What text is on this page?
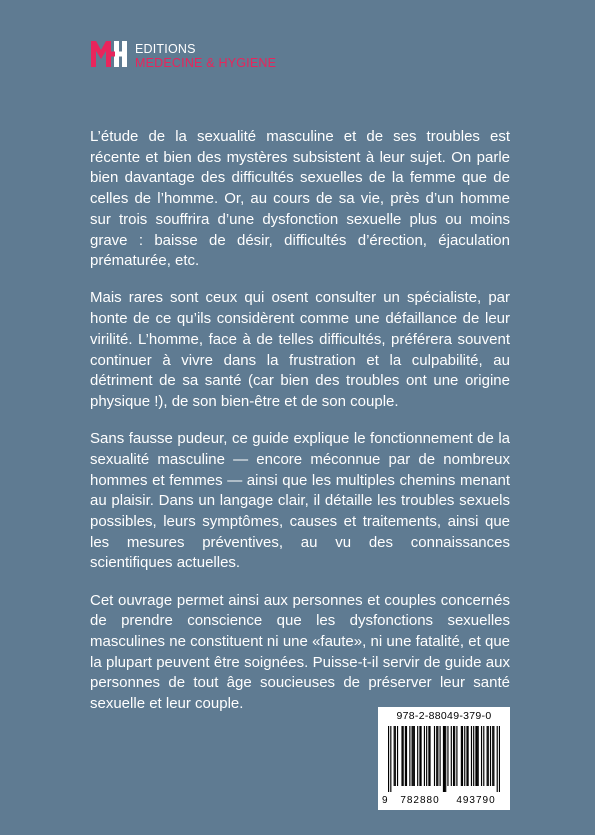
EDITIONS
MEDECINE & HYGIENE

L’étude de la sexualité masculine et de ses troubles est récente et bien des mystères subsistent à leur sujet. On parle bien davantage des difficultés sexuelles de la femme que de celles de l’homme. Or, au cours de sa vie, près d’un homme sur trois souffrira d’une dysfonction sexuelle plus ou moins grave : baisse de désir, difficultés d’érection, éjaculation prématurée, etc.

Mais rares sont ceux qui osent consulter un spécialiste, par honte de ce qu’ils considèrent comme une défaillance de leur virilité. L’homme, face à de telles difficultés, préférera souvent continuer à vivre dans la frustration et la culpabilité, au détriment de sa santé (car bien des troubles ont une origine physique !), de son bien-être et de son couple.

Sans fausse pudeur, ce guide explique le fonctionnement de la sexualité masculine — encore méconnue par de nombreux hommes et femmes — ainsi que les multiples chemins menant au plaisir. Dans un langage clair, il détaille les troubles sexuels possibles, leurs symptômes, causes et traitements, ainsi que les mesures préventives, au vu des connaissances scientifiques actuelles.

Cet ouvrage permet ainsi aux personnes et couples concernés de prendre conscience que les dysfonctions sexuelles masculines ne constituent ni une «faute», ni une fatalité, et que la plupart peuvent être soignées. Puisse-t-il servir de guide aux personnes de tout âge soucieuses de préserver leur santé sexuelle et leur couple.

978-2-88049-379-0
9	782880	493790
